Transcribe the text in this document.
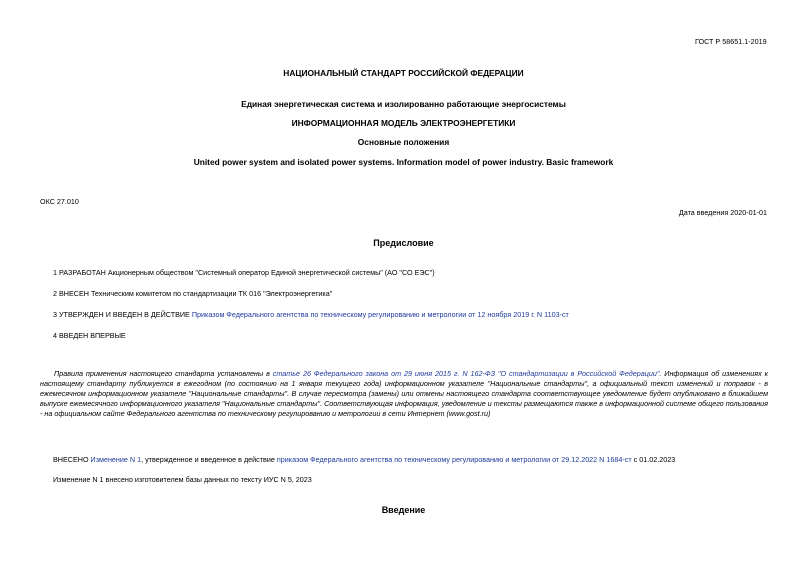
ГОСТ Р 58651.1-2019
НАЦИОНАЛЬНЫЙ СТАНДАРТ РОССИЙСКОЙ ФЕДЕРАЦИИ
Единая энергетическая система и изолированно работающие энергосистемы
ИНФОРМАЦИОННАЯ МОДЕЛЬ ЭЛЕКТРОЭНЕРГЕТИКИ
Основные положения
United power system and isolated power systems. Information model of power industry. Basic framework
ОКС 27.010
Дата введения 2020-01-01
Предисловие
1 РАЗРАБОТАН Акционерным обществом "Системный оператор Единой энергетической системы" (АО "СО ЕЭС")
2 ВНЕСЕН Техническим комитетом по стандартизации ТК 016 "Электроэнергетика"
3 УТВЕРЖДЕН И ВВЕДЕН В ДЕЙСТВИЕ Приказом Федерального агентства по техническому регулированию и метрологии от 12 ноября 2019 г. N 1103-ст
4 ВВЕДЕН ВПЕРВЫЕ
Правила применения настоящего стандарта установлены в статье 26 Федерального закона от 29 июня 2015 г. N 162-ФЗ "О стандартизации в Российской Федерации". Информация об изменениях к настоящему стандарту публикуется в ежегодном (по состоянию на 1 января текущего года) информационном указателе "Национальные стандарты", а официальный текст изменений и поправок - в ежемесячном информационном указателе "Национальные стандарты". В случае пересмотра (замены) или отмены настоящего стандарта соответствующее уведомление будет опубликовано в ближайшем выпуске ежемесячного информационного указателя "Национальные стандарты". Соответствующая информация, уведомление и тексты размещаются также в информационной системе общего пользования - на официальном сайте Федерального агентства по техническому регулированию и метрологии в сети Интернет (www.gost.ru)
ВНЕСЕНО Изменение N 1, утвержденное и введенное в действие приказом Федерального агентства по техническому регулированию и метрологии от 29.12.2022 N 1684-ст с 01.02.2023
Изменение N 1 внесено изготовителем базы данных по тексту ИУС N 5, 2023
Введение
